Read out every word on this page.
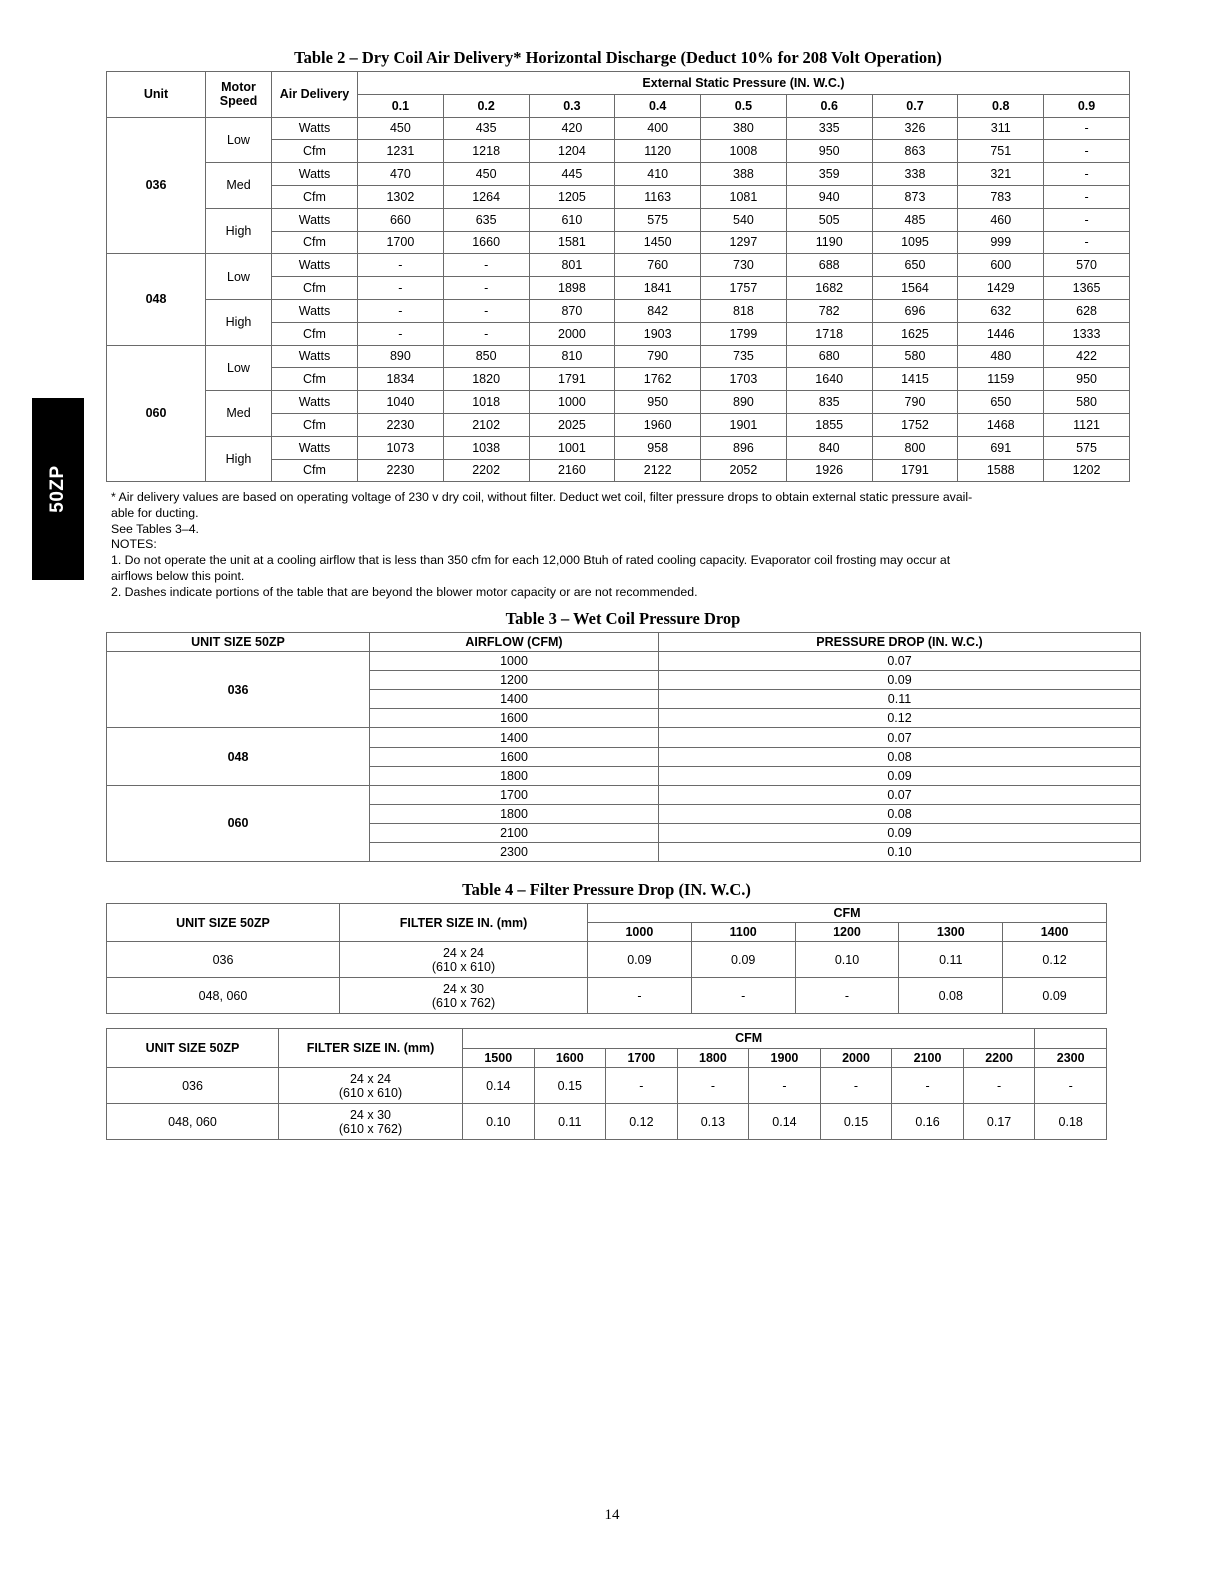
50ZP
Table 2 – Dry Coil Air Delivery* Horizontal Discharge (Deduct 10% for 208 Volt Operation)
Unit	Motor Speed	Air Delivery	External Static Pressure (IN. W.C.)								
			0.1	0.2	0.3	0.4	0.5	0.6	0.7	0.8	0.9
036	Low	Watts	450	435	420	400	380	335	326	311	-
		Cfm	1231	1218	1204	1120	1008	950	863	751	-
	Med	Watts	470	450	445	410	388	359	338	321	-
		Cfm	1302	1264	1205	1163	1081	940	873	783	-
	High	Watts	660	635	610	575	540	505	485	460	-
		Cfm	1700	1660	1581	1450	1297	1190	1095	999	-
048	Low	Watts	-	-	801	760	730	688	650	600	570
		Cfm	-	-	1898	1841	1757	1682	1564	1429	1365
	High	Watts	-	-	870	842	818	782	696	632	628
		Cfm	-	-	2000	1903	1799	1718	1625	1446	1333
060	Low	Watts	890	850	810	790	735	680	580	480	422
		Cfm	1834	1820	1791	1762	1703	1640	1415	1159	950
	Med	Watts	1040	1018	1000	950	890	835	790	650	580
		Cfm	2230	2102	2025	1960	1901	1855	1752	1468	1121
	High	Watts	1073	1038	1001	958	896	840	800	691	575
		Cfm	2230	2202	2160	2122	2052	1926	1791	1588	1202
* Air delivery values are based on operating voltage of 230 v dry coil, without filter. Deduct wet coil, filter pressure drops to obtain external static pressure avail-
able for ducting.
See Tables 3–4.
NOTES:
1. Do not operate the unit at a cooling airflow that is less than 350 cfm for each 12,000 Btuh of rated cooling capacity. Evaporator coil frosting may occur at
airflows below this point.
2. Dashes indicate portions of the table that are beyond the blower motor capacity or are not recommended.
Table 3 – Wet Coil Pressure Drop
UNIT SIZE 50ZP	AIRFLOW (CFM)	PRESSURE DROP (IN. W.C.)
036	1000	0.07
	1200	0.09
	1400	0.11
	1600	0.12
048	1400	0.07
	1600	0.08
	1800	0.09
060	1700	0.07
	1800	0.08
	2100	0.09
	2300	0.10
Table 4 – Filter Pressure Drop (IN. W.C.)
UNIT SIZE 50ZP	FILTER SIZE IN. (mm)	CFM				
		1000	1100	1200	1300	1400
036	24 x 24
(610 x 610)	0.09	0.09	0.10	0.11	0.12
048, 060	24 x 30
(610 x 762)	-	-	-	0.08	0.09
UNIT SIZE 50ZP	FILTER SIZE IN. (mm)	CFM								
		1500	1600	1700	1800	1900	2000	2100	2200	2300
036	24 x 24
(610 x 610)	0.14	0.15	-	-	-	-	-	-	-
048, 060	24 x 30
(610 x 762)	0.10	0.11	0.12	0.13	0.14	0.15	0.16	0.17	0.18
14
